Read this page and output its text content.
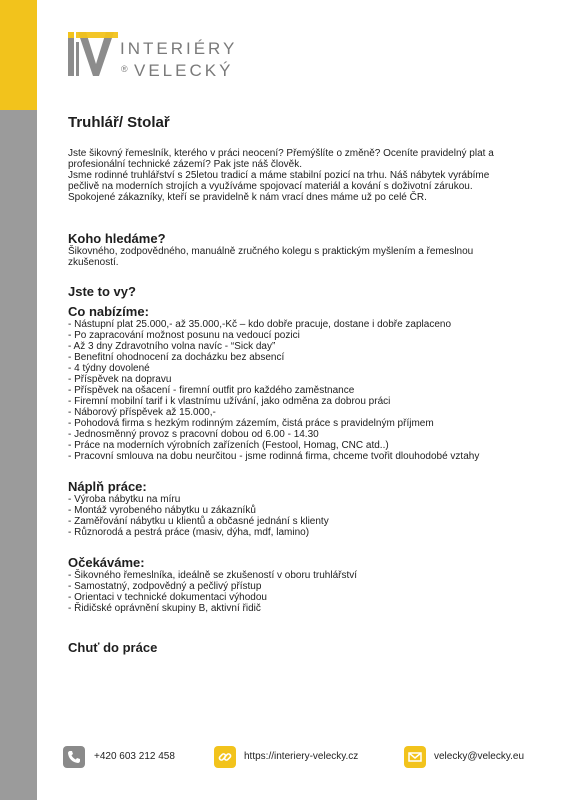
INTERIÉRY
® VELECKÝ
Truhlář/ Stolař
Jste šikovný řemeslník, kterého v práci neocení? Přemýšlíte o změně? Oceníte pravidelný plat a
profesionální technické zázemí? Pak jste náš člověk.
Jsme rodinné truhlářství s 25letou tradicí a máme stabilní pozicí na trhu. Náš nábytek vyrábíme
pečlivě na moderních strojích a využíváme spojovací materiál a kování s doživotní zárukou.
Spokojené zákazníky, kteří se pravidelně k nám vrací dnes máme už po celé ČR.
Koho hledáme?
Šikovného, zodpovědného, manuálně zručného kolegu s praktickým myšlením a řemeslnou
zkušeností.
Jste to vy?
Co nabízíme:
- Nástupní plat 25.000,- až 35.000,-Kč – kdo dobře pracuje, dostane i dobře zaplaceno
- Po zapracování možnost posunu na vedoucí pozici
- Až 3 dny Zdravotního volna navíc - “Sick day”
- Benefitní ohodnocení za docházku bez absencí
- 4 týdny dovolené
- Příspěvek na dopravu
- Příspěvek na ošacení - firemní outfit pro každého zaměstnance
- Firemní mobilní tarif i k vlastnímu užívání, jako odměna za dobrou práci
- Náborový příspěvek až 15.000,-
- Pohodová firma s hezkým rodinným zázemím, čistá práce s pravidelným příjmem
- Jednosměnný provoz s pracovní dobou od 6.00 - 14.30
- Práce na moderních výrobních zařízeních (Festool, Homag, CNC atd..)
- Pracovní smlouva na dobu neurčitou - jsme rodinná firma, chceme tvořit dlouhodobé vztahy
Náplň práce:
- Výroba nábytku na míru
- Montáž vyrobeného nábytku u zákazníků
- Zaměřování nábytku u klientů a občasné jednání s klienty
- Různorodá a pestrá práce (masiv, dýha, mdf, lamino)
Očekáváme:
- Šikovného řemeslníka, ideálně se zkušeností v oboru truhlářství
- Samostatný, zodpovědný a pečlivý přístup
- Orientaci v technické dokumentaci výhodou
- Řidičské oprávnění skupiny B, aktivní řidič
Chuť do práce
+420 603 212 458	https://interiery-velecky.cz	velecky@velecky.eu
